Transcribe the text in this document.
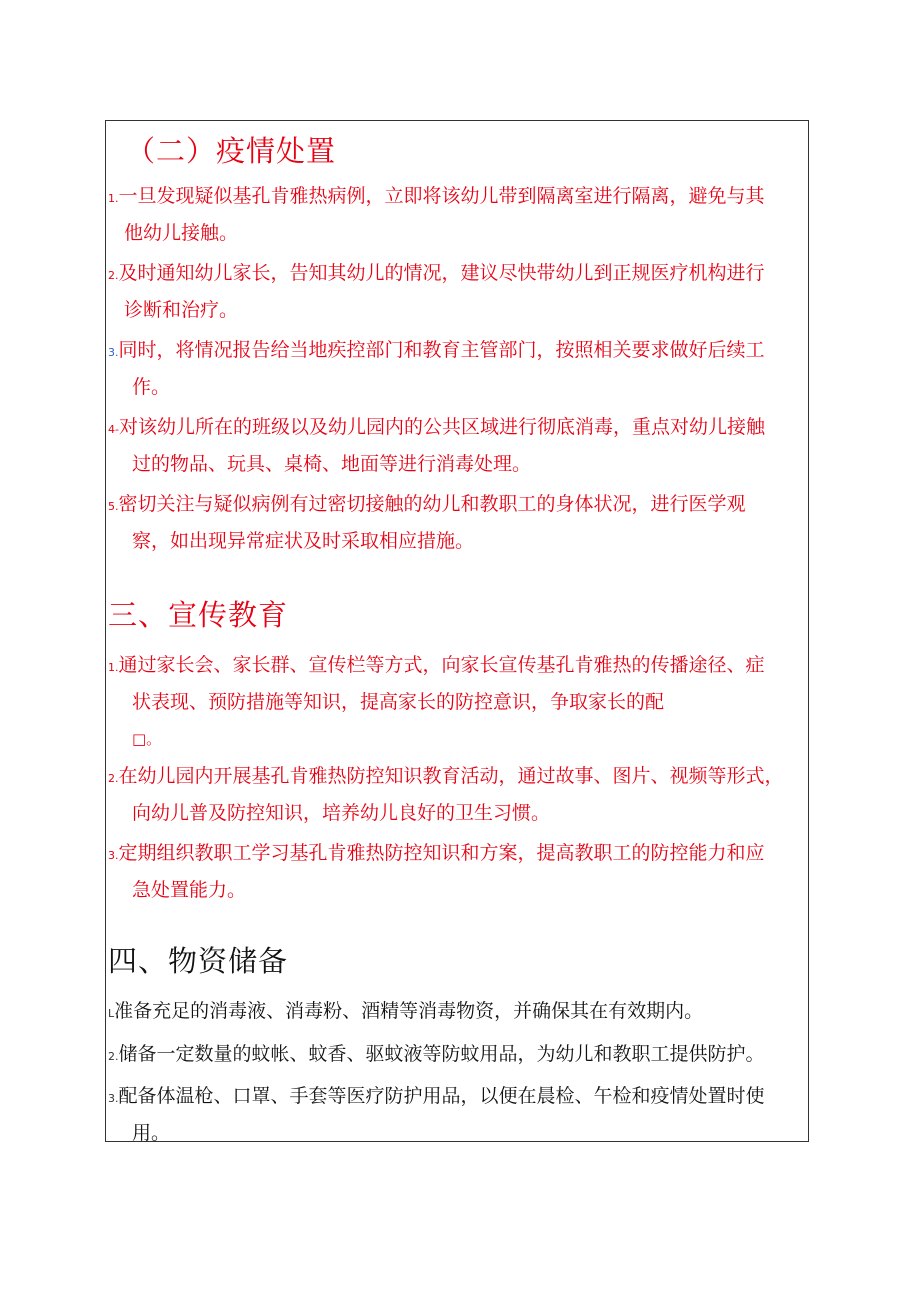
（二）疫情处置
1.一旦发现疑似基孔肯雅热病例，立即将该幼儿带到隔离室进行隔离，避免与其
他幼儿接触。
2.及时通知幼儿家长，告知其幼儿的情况，建议尽快带幼儿到正规医疗机构进行
诊断和治疗。
3.同时，将情况报告给当地疾控部门和教育主管部门，按照相关要求做好后续工
作。
4-对该幼儿所在的班级以及幼儿园内的公共区域进行彻底消毒，重点对幼儿接触
过的物品、玩具、桌椅、地面等进行消毒处理。
5.密切关注与疑似病例有过密切接触的幼儿和教职工的身体状况，进行医学观
察，如出现异常症状及时采取相应措施。
三、宣传教育
1.通过家长会、家长群、宣传栏等方式，向家长宣传基孔肯雅热的传播途径、症
状表现、预防措施等知识，提高家长的防控意识，争取家长的配
□。
2.在幼儿园内开展基孔肯雅热防控知识教育活动，通过故事、图片、视频等形式，
向幼儿普及防控知识，培养幼儿良好的卫生习惯。
3.定期组织教职工学习基孔肯雅热防控知识和方案，提高教职工的防控能力和应
急处置能力。
四、物资储备
L准备充足的消毒液、消毒粉、酒精等消毒物资，并确保其在有效期内。
2.储备一定数量的蚊帐、蚊香、驱蚊液等防蚊用品，为幼儿和教职工提供防护。
3.配备体温枪、口罩、手套等医疗防护用品，以便在晨检、午检和疫情处置时使
用。
